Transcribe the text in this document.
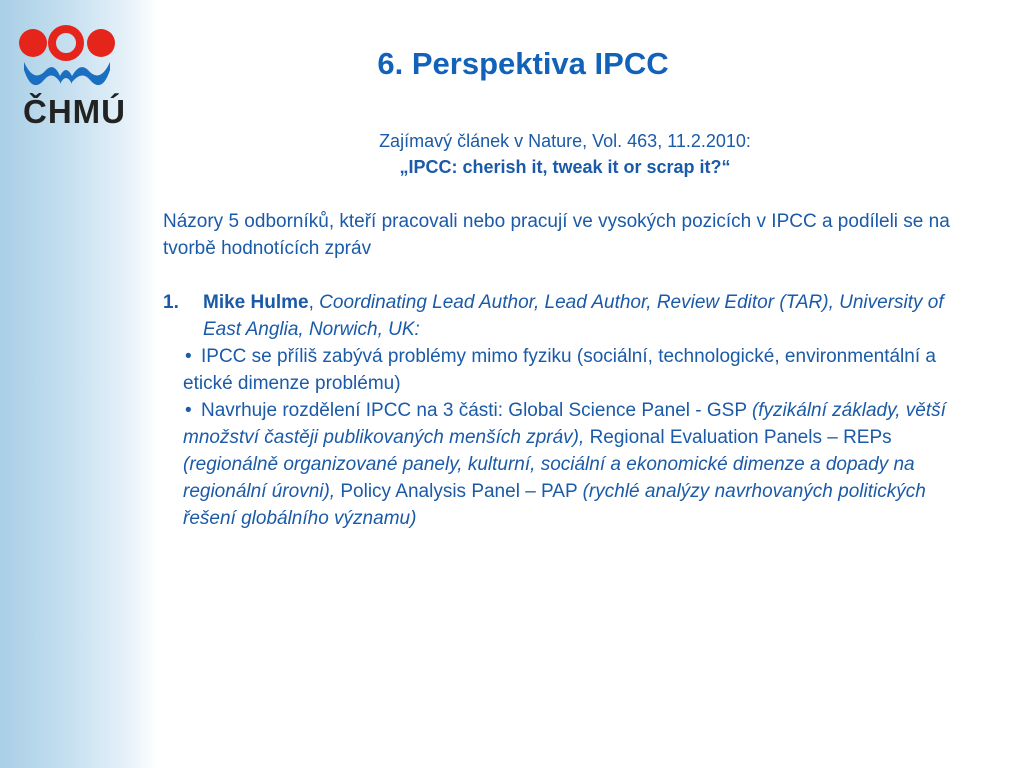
ČHMÚ
6. Perspektiva IPCC
Zajímavý článek v Nature, Vol. 463, 11.2.2010:
„IPCC: cherish it, tweak it or scrap it?“

Názory 5 odborníků, kteří pracovali nebo pracují ve vysokých pozicích v IPCC a podíleli se na tvorbě hodnotících zpráv

1. Mike Hulme, Coordinating Lead Author, Lead Author, Review Editor (TAR), University of East Anglia, Norwich, UK:
• IPCC se příliš zabývá problémy mimo fyziku (sociální, technologické, environmentální a etické dimenze problému)
• Navrhuje rozdělení IPCC na 3 části: Global Science Panel - GSP (fyzikální základy, větší množství častěji publikovaných menších zpráv), Regional Evaluation Panels – REPs (regionálně organizované panely, kulturní, sociální a ekonomické dimenze a dopady na regionální úrovni), Policy Analysis Panel – PAP (rychlé analýzy navrhovaných politických řešení globálního významu)
